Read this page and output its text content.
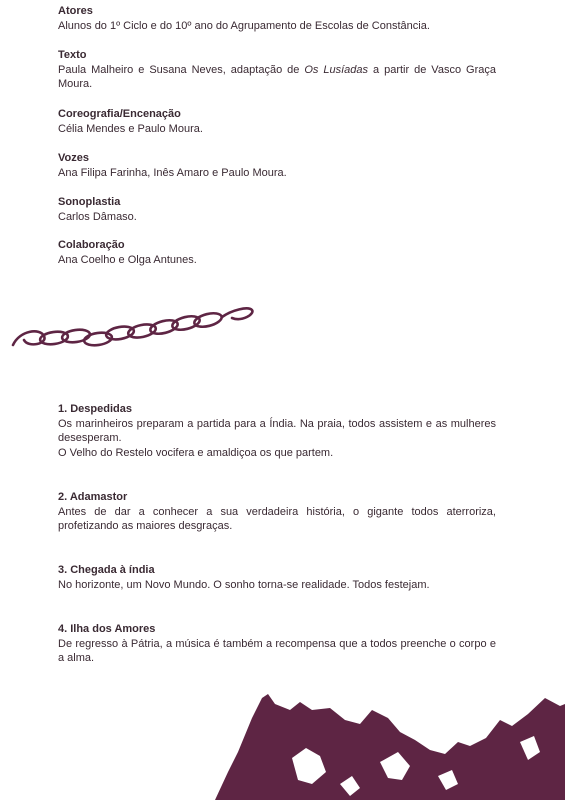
Atores
Alunos do 1º Ciclo e do 10º ano do Agrupamento de Escolas de Constância.
Texto
Paula Malheiro e Susana Neves, adaptação de Os Lusíadas a partir de Vasco Graça Moura.
Coreografia/Encenação
Célia Mendes e Paulo Moura.
Vozes
Ana Filipa Farinha, Inês Amaro e Paulo Moura.
Sonoplastia
Carlos Dâmaso.
Colaboração
Ana Coelho e Olga Antunes.
1. Despedidas
Os marinheiros preparam a partida para a Índia. Na praia, todos assistem e as mulheres desesperam.
O Velho do Restelo vocifera e amaldiçoa os que partem.
2. Adamastor
Antes de dar a conhecer a sua verdadeira história, o gigante todos aterroriza, profetizando as maiores desgraças.
3. Chegada à índia
No horizonte, um Novo Mundo. O sonho torna-se realidade. Todos festejam.
4. Ilha dos Amores
De regresso à Pátria, a música é também a recompensa que a todos preenche o corpo e a alma.
